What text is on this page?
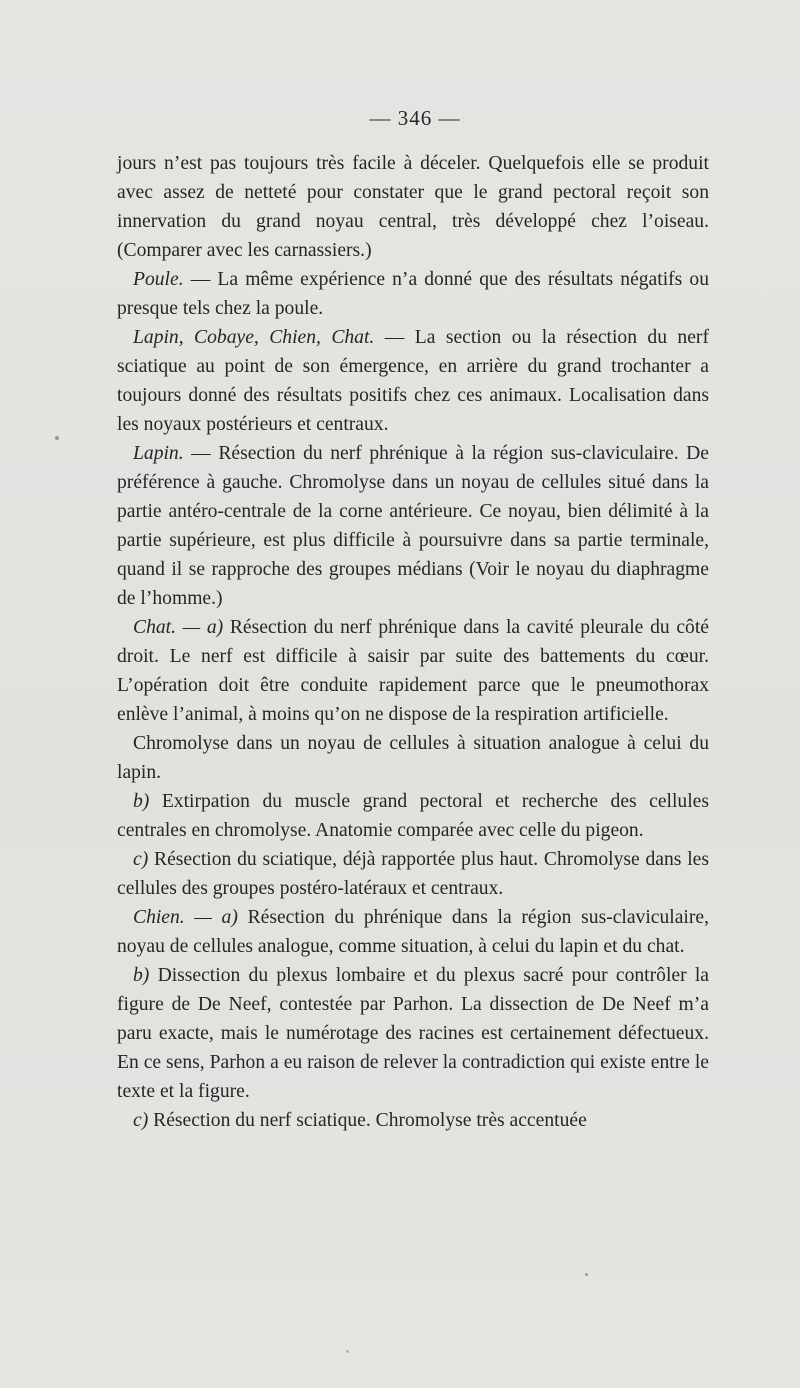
— 346 —

jours n’est pas toujours très facile à déceler. Quelquefois elle se produit avec assez de netteté pour constater que le grand pectoral reçoit son innervation du grand noyau central, très développé chez l’oiseau. (Comparer avec les carnassiers.)

Poule. — La même expérience n’a donné que des résultats négatifs ou presque tels chez la poule.

Lapin, Cobaye, Chien, Chat. — La section ou la résection du nerf sciatique au point de son émergence, en arrière du grand trochanter a toujours donné des résultats positifs chez ces animaux. Localisation dans les noyaux postérieurs et centraux.

Lapin. — Résection du nerf phrénique à la région sus-claviculaire. De préférence à gauche. Chromolyse dans un noyau de cellules situé dans la partie antéro-centrale de la corne antérieure. Ce noyau, bien délimité à la partie supérieure, est plus difficile à poursuivre dans sa partie terminale, quand il se rapproche des groupes médians (Voir le noyau du diaphragme de l’homme.)

Chat. — a) Résection du nerf phrénique dans la cavité pleurale du côté droit. Le nerf est difficile à saisir par suite des battements du cœur. L’opération doit être conduite rapidement parce que le pneumothorax enlève l’animal, à moins qu’on ne dispose de la respiration artificielle.

Chromolyse dans un noyau de cellules à situation analogue à celui du lapin.

b) Extirpation du muscle grand pectoral et recherche des cellules centrales en chromolyse. Anatomie comparée avec celle du pigeon.

c) Résection du sciatique, déjà rapportée plus haut. Chromolyse dans les cellules des groupes postéro-latéraux et centraux.

Chien. — a) Résection du phrénique dans la région sus-claviculaire, noyau de cellules analogue, comme situation, à celui du lapin et du chat.

b) Dissection du plexus lombaire et du plexus sacré pour contrôler la figure de De Neef, contestée par Parhon. La dissection de De Neef m’a paru exacte, mais le numérotage des racines est certainement défectueux. En ce sens, Parhon a eu raison de relever la contradiction qui existe entre le texte et la figure.

c) Résection du nerf sciatique. Chromolyse très accentuée
